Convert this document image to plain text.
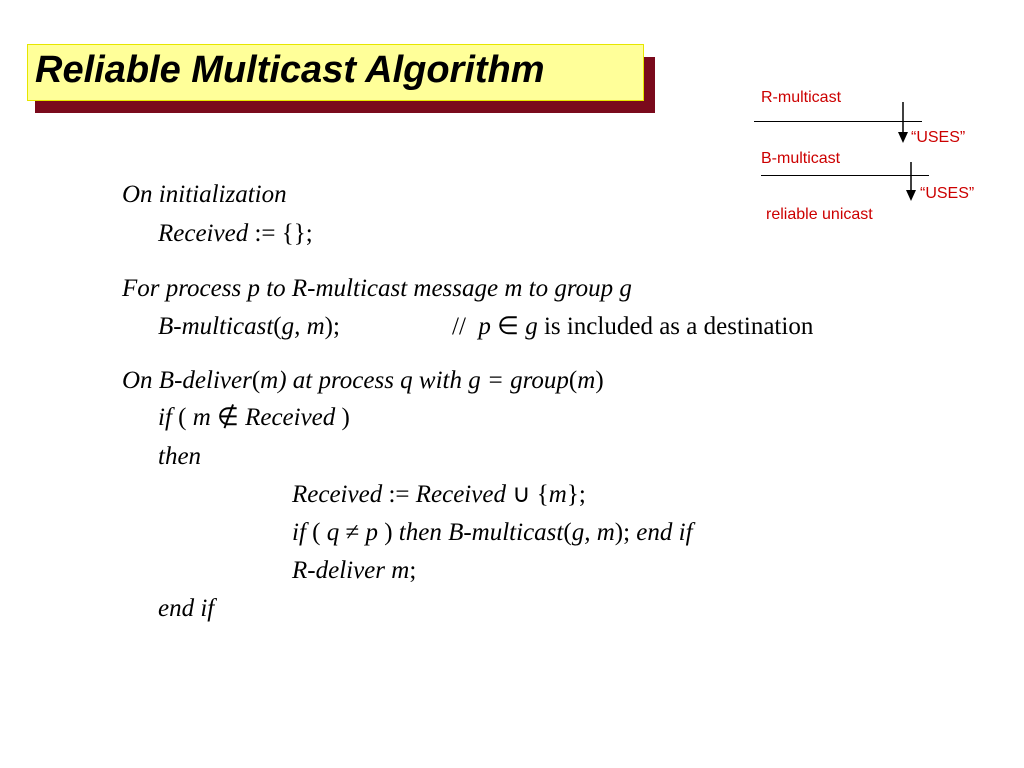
Reliable Multicast Algorithm
R-multicast
“USES”
B-multicast
“USES”
reliable unicast
On initialization
Received := {};
For process p to R-multicast message m to group g
B-multicast(g, m);	// p ∈ g is included as a destination
On B-deliver(m) at process q with g = group(m)
if ( m ∉ Received )
then
Received := Received ∪ {m};
if ( q ≠ p ) then B-multicast(g, m); end if
R-deliver m;
end if
